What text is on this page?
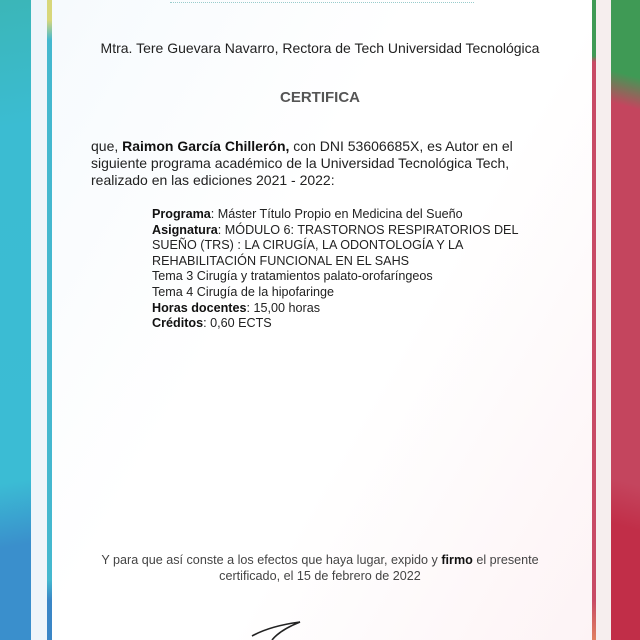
Mtra. Tere Guevara Navarro, Rectora de Tech Universidad Tecnológica
CERTIFICA
que, Raimon García Chillerón, con DNI 53606685X, es Autor en el siguiente programa académico de la Universidad Tecnológica Tech, realizado en las ediciones 2021 - 2022:
Programa: Máster Título Propio en Medicina del Sueño
Asignatura: MÓDULO 6: TRASTORNOS RESPIRATORIOS DEL SUEÑO (TRS) : LA CIRUGÍA, LA ODONTOLOGÍA Y LA REHABILITACIÓN FUNCIONAL EN EL SAHS
Tema 3 Cirugía y tratamientos palato-orofaríngeos
Tema 4 Cirugía de la hipofaringe
Horas docentes: 15,00 horas
Créditos: 0,60 ECTS
Y para que así conste a los efectos que haya lugar, expido y firmo el presente certificado, el 15 de febrero de 2022
